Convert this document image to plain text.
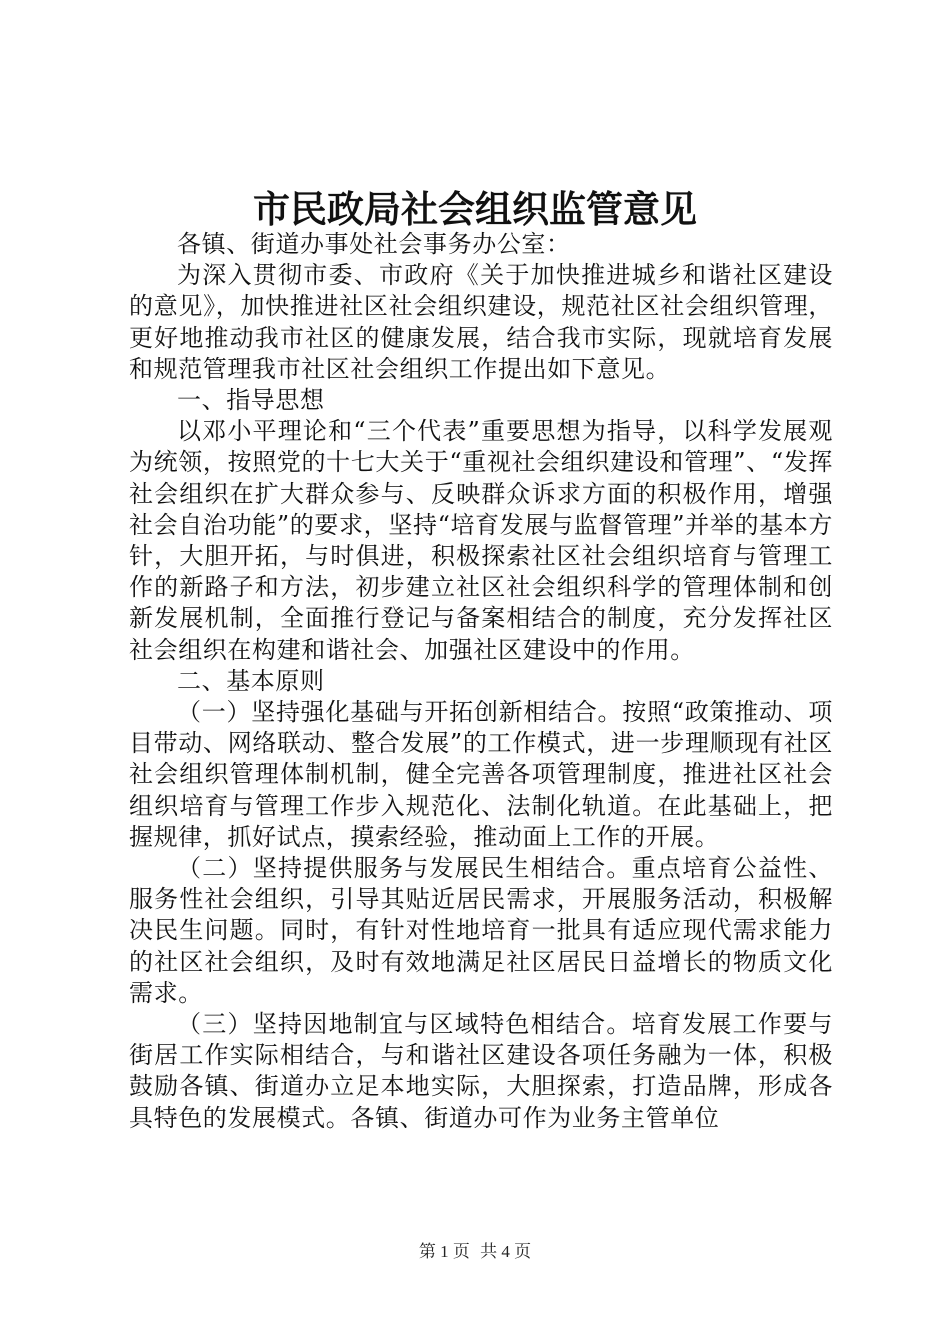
市民政局社会组织监管意见

各镇、街道办事处社会事务办公室：

为深入贯彻市委、市政府《关于加快推进城乡和谐社区建设的意见》，加快推进社区社会组织建设，规范社区社会组织管理，更好地推动我市社区的健康发展，结合我市实际，现就培育发展和规范管理我市社区社会组织工作提出如下意见。

一、指导思想

以邓小平理论和“三个代表”重要思想为指导，以科学发展观为统领，按照党的十七大关于“重视社会组织建设和管理”、“发挥社会组织在扩大群众参与、反映群众诉求方面的积极作用，增强社会自治功能”的要求，坚持“培育发展与监督管理”并举的基本方针，大胆开拓，与时俱进，积极探索社区社会组织培育与管理工作的新路子和方法，初步建立社区社会组织科学的管理体制和创新发展机制，全面推行登记与备案相结合的制度，充分发挥社区社会组织在构建和谐社会、加强社区建设中的作用。

二、基本原则

（一）坚持强化基础与开拓创新相结合。按照“政策推动、项目带动、网络联动、整合发展”的工作模式，进一步理顺现有社区社会组织管理体制机制，健全完善各项管理制度，推进社区社会组织培育与管理工作步入规范化、法制化轨道。在此基础上，把握规律，抓好试点，摸索经验，推动面上工作的开展。

（二）坚持提供服务与发展民生相结合。重点培育公益性、服务性社会组织，引导其贴近居民需求，开展服务活动，积极解决民生问题。同时，有针对性地培育一批具有适应现代需求能力的社区社会组织，及时有效地满足社区居民日益增长的物质文化需求。

（三）坚持因地制宜与区域特色相结合。培育发展工作要与街居工作实际相结合，与和谐社区建设各项任务融为一体，积极鼓励各镇、街道办立足本地实际，大胆探索，打造品牌，形成各具特色的发展模式。各镇、街道办可作为业务主管单位

第 1 页 共 4 页
